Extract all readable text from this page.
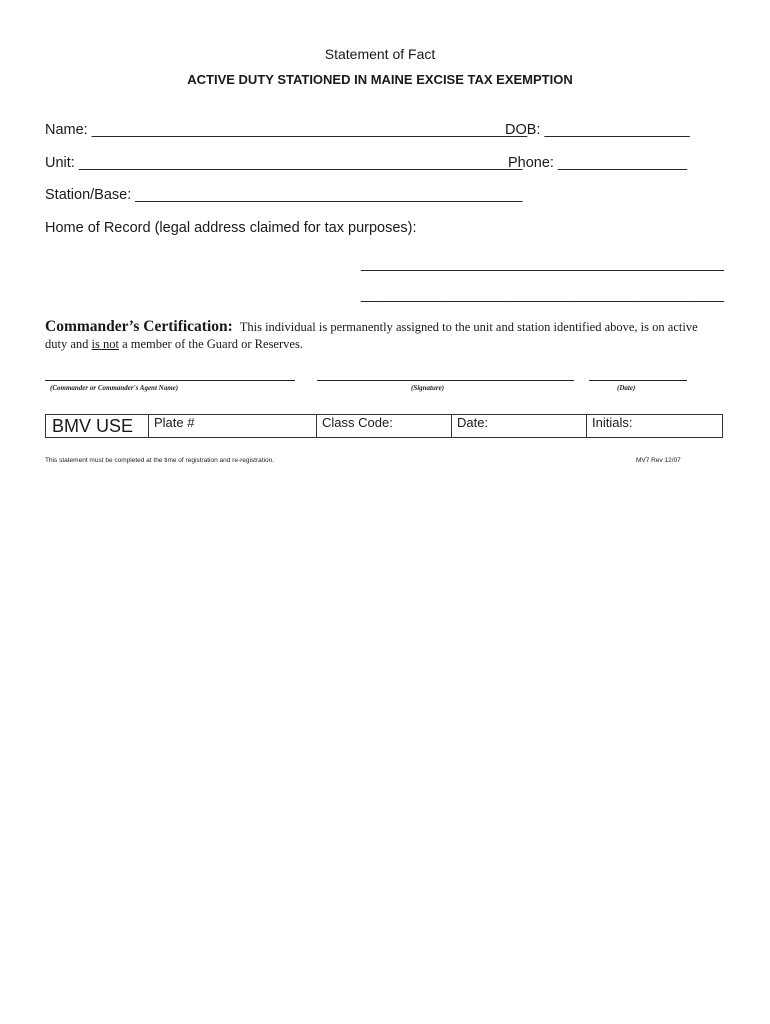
Statement of Fact
ACTIVE DUTY STATIONED IN MAINE EXCISE TAX EXEMPTION
Name: ______________________________________________________
DOB: __________________
Unit: _______________________________________________________
Phone: ________________
Station/Base: ________________________________________________
Home of Record (legal address claimed for tax purposes):
_____________________________________________
_____________________________________________
Commander’s Certification: This individual is permanently assigned to the unit and station identified above, is on active duty and is not a member of the Guard or Reserves.
(Commander or Commander's Agent Name)	(Signature)	(Date)
BMV USE	Plate #	Class Code:	Date:	Initials:
This statement must be completed at the time of registration and re-registration.	MV7 Rev 12/07
